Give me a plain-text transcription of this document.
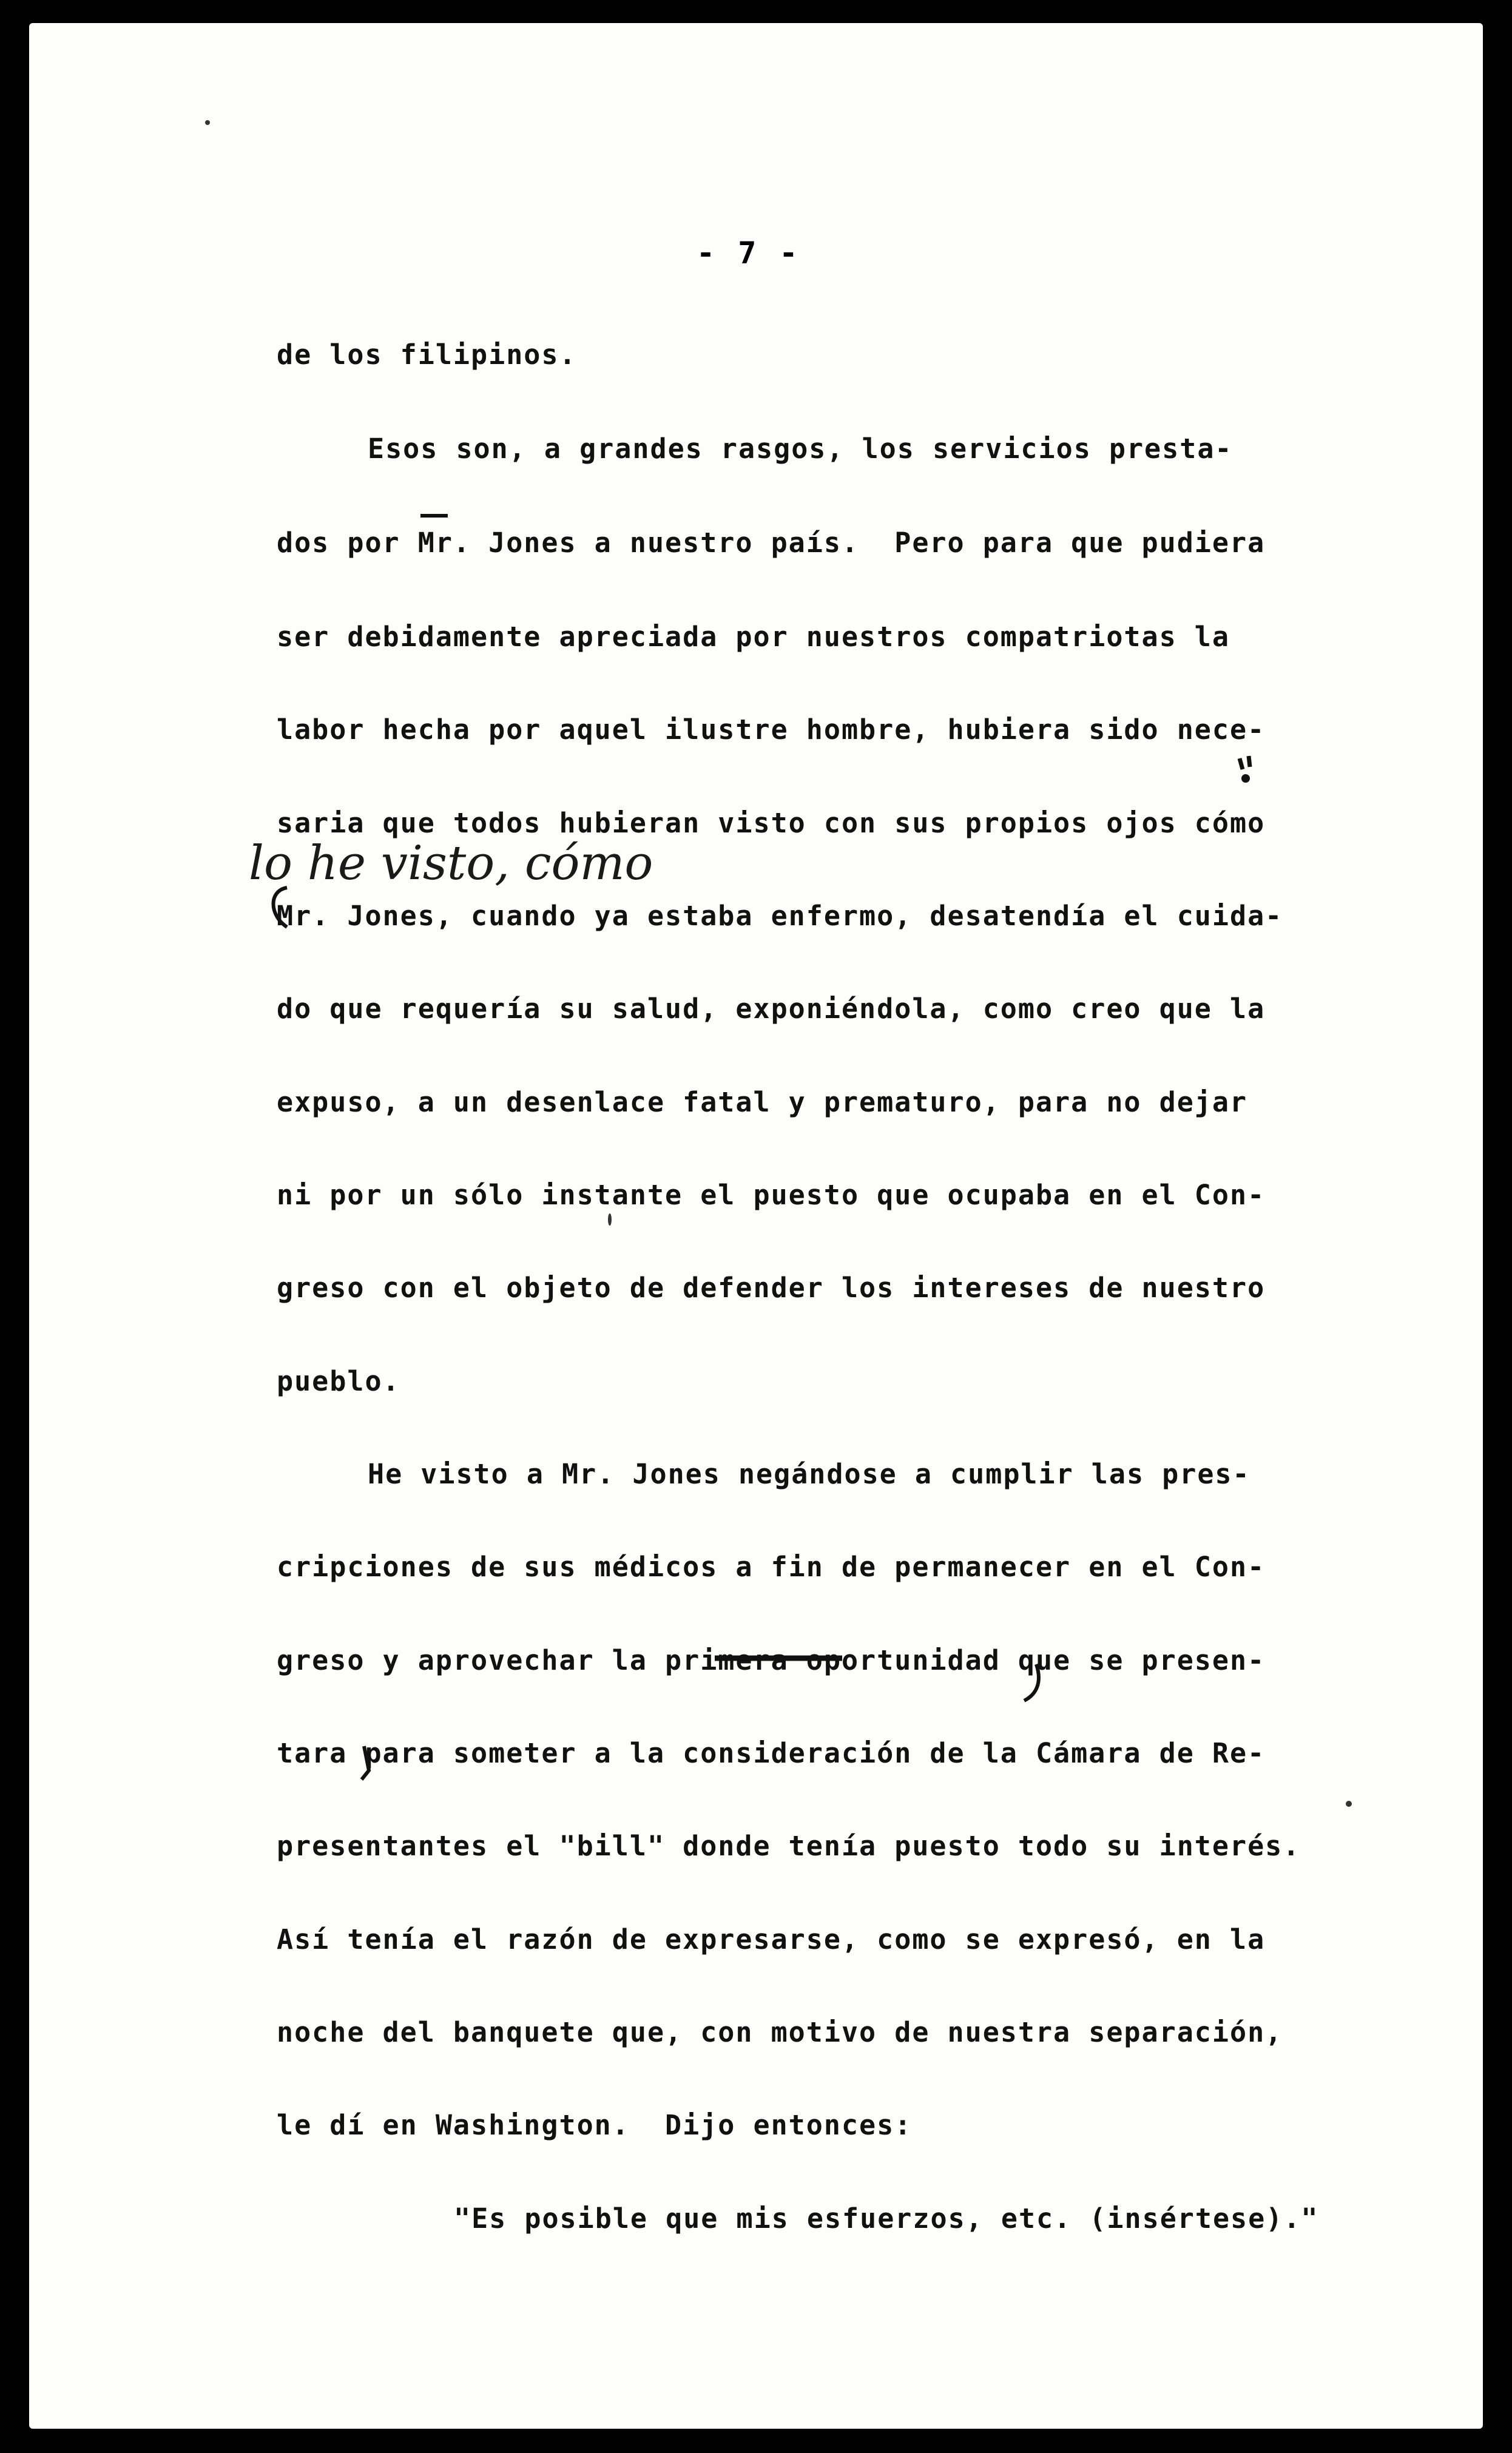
- 7 -
de los filipinos.
Esos son, a grandes rasgos, los servicios presta-
dos por Mr. Jones a nuestro país.  Pero para que pudiera
ser debidamente apreciada por nuestros compatriotas la
labor hecha por aquel ilustre hombre, hubiera sido nece-
saria que todos hubieran visto con sus propios ojos cómo
Mr. Jones, cuando ya estaba enfermo, desatendía el cuida-
do que requería su salud, exponiéndola, como creo que la
expuso, a un desenlace fatal y prematuro, para no dejar
ni por un sólo instante el puesto que ocupaba en el Con-
greso con el objeto de defender los intereses de nuestro
pueblo.
He visto a Mr. Jones negándose a cumplir las pres-
cripciones de sus médicos a fin de permanecer en el Con-
greso y aprovechar la primera oportunidad que se presen-
tara para someter a la consideración de la Cámara de Re-
presentantes el "bill" donde tenía puesto todo su interés.
Así tenía el razón de expresarse, como se expresó, en la
noche del banquete que, con motivo de nuestra separación,
le dí en Washington.  Dijo entonces:
"Es posible que mis esfuerzos, etc. (insértese)."
lo he visto, cómo
